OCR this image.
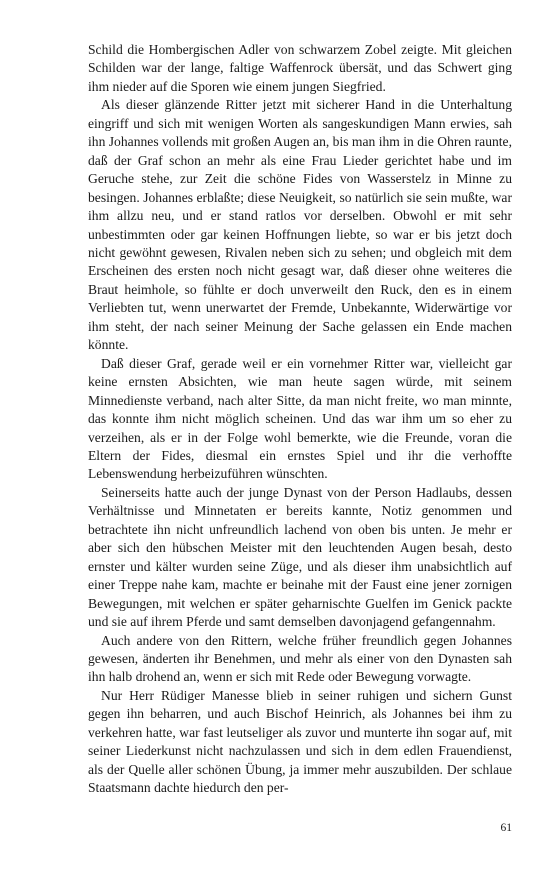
Schild die Hombergischen Adler von schwarzem Zobel zeigte. Mit gleichen Schilden war der lange, faltige Waffenrock übersät, und das Schwert ging ihm nieder auf die Sporen wie einem jungen Siegfried.

Als dieser glänzende Ritter jetzt mit sicherer Hand in die Unterhaltung eingriff und sich mit wenigen Worten als sangeskundigen Mann erwies, sah ihn Johannes vollends mit großen Augen an, bis man ihm in die Ohren raunte, daß der Graf schon an mehr als eine Frau Lieder gerichtet habe und im Geruche stehe, zur Zeit die schöne Fides von Wasserstelz in Minne zu besingen. Johannes erblaßte; diese Neuigkeit, so natürlich sie sein mußte, war ihm allzu neu, und er stand ratlos vor derselben. Obwohl er mit sehr unbestimmten oder gar keinen Hoffnungen liebte, so war er bis jetzt doch nicht gewöhnt gewesen, Rivalen neben sich zu sehen; und obgleich mit dem Erscheinen des ersten noch nicht gesagt war, daß dieser ohne weiteres die Braut heimhole, so fühlte er doch unverweilt den Ruck, den es in einem Verliebten tut, wenn unerwartet der Fremde, Unbekannte, Widerwärtige vor ihm steht, der nach seiner Meinung der Sache gelassen ein Ende machen könnte.

Daß dieser Graf, gerade weil er ein vornehmer Ritter war, vielleicht gar keine ernsten Absichten, wie man heute sagen würde, mit seinem Minnedienste verband, nach alter Sitte, da man nicht freite, wo man minnte, das konnte ihm nicht möglich scheinen. Und das war ihm um so eher zu verzeihen, als er in der Folge wohl bemerkte, wie die Freunde, voran die Eltern der Fides, diesmal ein ernstes Spiel und ihr die verhoffte Lebenswendung herbeizuführen wünschten.

Seinerseits hatte auch der junge Dynast von der Person Hadlaubs, dessen Verhältnisse und Minnetaten er bereits kannte, Notiz genommen und betrachtete ihn nicht unfreundlich lachend von oben bis unten. Je mehr er aber sich den hübschen Meister mit den leuchtenden Augen besah, desto ernster und kälter wurden seine Züge, und als dieser ihm unabsichtlich auf einer Treppe nahe kam, machte er beinahe mit der Faust eine jener zornigen Bewegungen, mit welchen er später geharnischte Guelfen im Genick packte und sie auf ihrem Pferde und samt demselben davonjagend gefangennahm.

Auch andere von den Rittern, welche früher freundlich gegen Johannes gewesen, änderten ihr Benehmen, und mehr als einer von den Dynasten sah ihn halb drohend an, wenn er sich mit Rede oder Bewegung vorwagte.

Nur Herr Rüdiger Manesse blieb in seiner ruhigen und sichern Gunst gegen ihn beharren, und auch Bischof Heinrich, als Johannes bei ihm zu verkehren hatte, war fast leutseliger als zuvor und munterte ihn sogar auf, mit seiner Liederkunst nicht nachzulassen und sich in dem edlen Frauendienst, als der Quelle aller schönen Übung, ja immer mehr auszubilden. Der schlaue Staatsmann dachte hiedurch den per-

61
